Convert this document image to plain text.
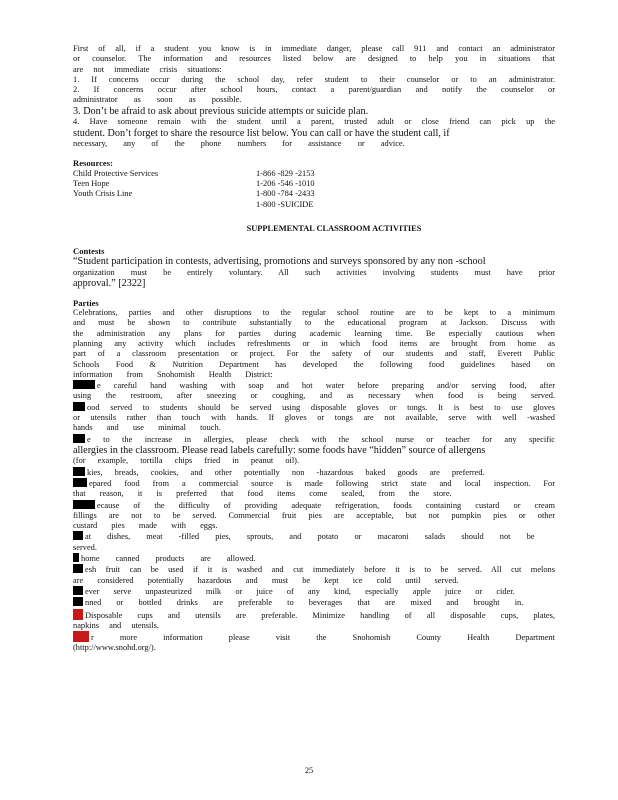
First of all, if a student you know is in immediate danger, please call 911 and contact an administrator

or counselor. The information and resources listed below are designed to help you in situations that

are not immediate crisis situations:

1. If concerns occur during the school day, refer student to their counselor or to an administrator.

2. If concerns occur after school hours, contact a parent/guardian and notify the counselor or

administrator as soon as possible.

3. Don’t be afraid to ask about previous suicide attempts or suicide plan.

4. Have someone remain with the student until a parent, trusted adult or close friend can pick up the

student. Don’t forget to share the resource list below. You can call or have the student call, if

necessary, any of the phone numbers for assistance or advice.

Resources:

Child Protective Services	1-866 -829 -2153
Teen Hope	1-206 -546 -1010
Youth Crisis Line	1-800 -784 -2433
1-800 -SUICIDE

SUPPLEMENTAL CLASSROOM ACTIVITIES

Contests

“Student participation in contests, advertising, promotions and surveys sponsored by any non -school

organization must be entirely voluntary. All such activities involving students must have prior

approval.” [2322]

Parties

Celebrations, parties and other disruptions to the regular school routine are to be kept to a minimum

and must be shown to contribute substantially to the educational program at Jackson. Discuss with

the administration any plans for parties during academic learning time. Be especially cautious when

planning any activity which includes refreshments or in which food items are brought from home as

part of a classroom presentation or project. For the safety of our students and staff, Everett Public

Schools Food & Nutrition Department has developed the following food guidelines based on

information from Snohomish Health District:

e careful hand washing with soap and hot water before preparing and/or serving food, after

using the restroom, after sneezing or coughing, and as necessary when food is being served.

ood served to students should be served using disposable gloves or tongs. It is best to use gloves

or utensils rather than touch with hands. If gloves or tongs are not available, serve with well -washed

hands and use minimal touch.

e to the increase in allergies, please check with the school nurse or teacher for any specific

allergies in the classroom. Please read labels carefully: some foods have “hidden” source of allergens

(for example, tortilla chips fried in peanut oil).

kies, breads, cookies, and other potentially non -hazardous baked goods are preferred.

epared food from a commercial source is made following strict state and local inspection. For

that reason, it is preferred that food items come sealed, from the store.

ecause of the difficulty of providing adequate refrigeration, foods containing custard or cream

fillings are not to be served. Commercial fruit pies are acceptable, but not pumpkin pies or other

custard pies made with eggs.

at dishes, meat -filled pies, sprouts, and potato or macaroni salads should not be served.

home canned products are allowed.

esh fruit can be used if it is washed and cut immediately before it is to be served. All cut melons

are considered potentially hazardous and must be kept ice cold until served.

ever serve unpasteurized milk or juice of any kind, especially apple juice or cider.

nned or bottled drinks are preferable to beverages that are mixed and brought in.

Disposable cups and utensils are preferable. Minimize handling of all disposable cups, plates,

napkins and utensils.

r more information please visit the Snohomish County Health Department

(http://www.snohd.org/).

25
